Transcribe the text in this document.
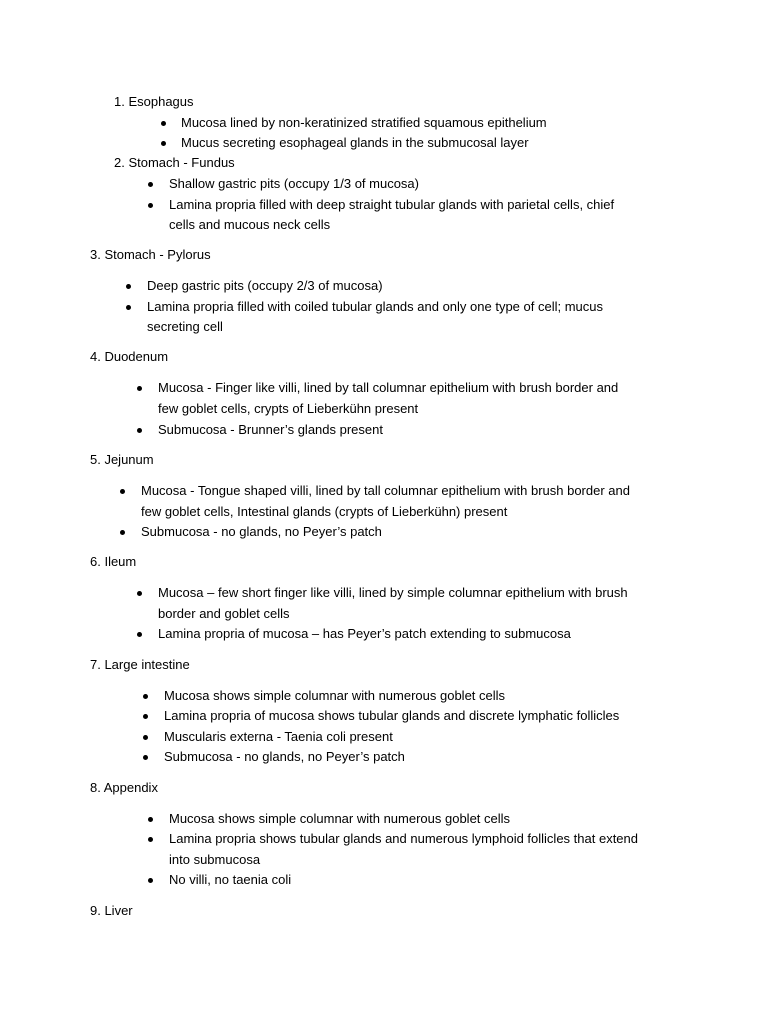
1. Esophagus
Mucosa lined by non-keratinized stratified squamous epithelium
Mucus secreting esophageal glands in the submucosal layer
2. Stomach - Fundus
Shallow gastric pits (occupy 1/3 of mucosa)
Lamina propria filled with deep straight tubular glands with parietal cells, chief
cells and mucous neck cells
3. Stomach - Pylorus
Deep gastric pits (occupy 2/3 of mucosa)
Lamina propria filled with coiled tubular glands and only one type of cell; mucus
secreting cell
4. Duodenum
Mucosa - Finger like villi, lined by tall columnar epithelium with brush border and
few goblet cells, crypts of Lieberkühn present
Submucosa - Brunner’s glands present
5. Jejunum
Mucosa - Tongue shaped villi, lined by tall columnar epithelium with brush border and
few goblet cells, Intestinal glands (crypts of Lieberkühn) present
Submucosa - no glands, no Peyer’s patch
6. Ileum
Mucosa – few short finger like villi, lined by simple columnar epithelium with brush
border and goblet cells
Lamina propria of mucosa – has Peyer’s patch extending to submucosa
7. Large intestine
Mucosa shows simple columnar with numerous goblet cells
Lamina propria of mucosa shows tubular glands and discrete lymphatic follicles
Muscularis externa - Taenia coli present
Submucosa - no glands, no Peyer’s patch
8. Appendix
Mucosa shows simple columnar with numerous goblet cells
Lamina propria shows tubular glands and numerous lymphoid follicles that extend
into submucosa
No villi, no taenia coli
9. Liver
